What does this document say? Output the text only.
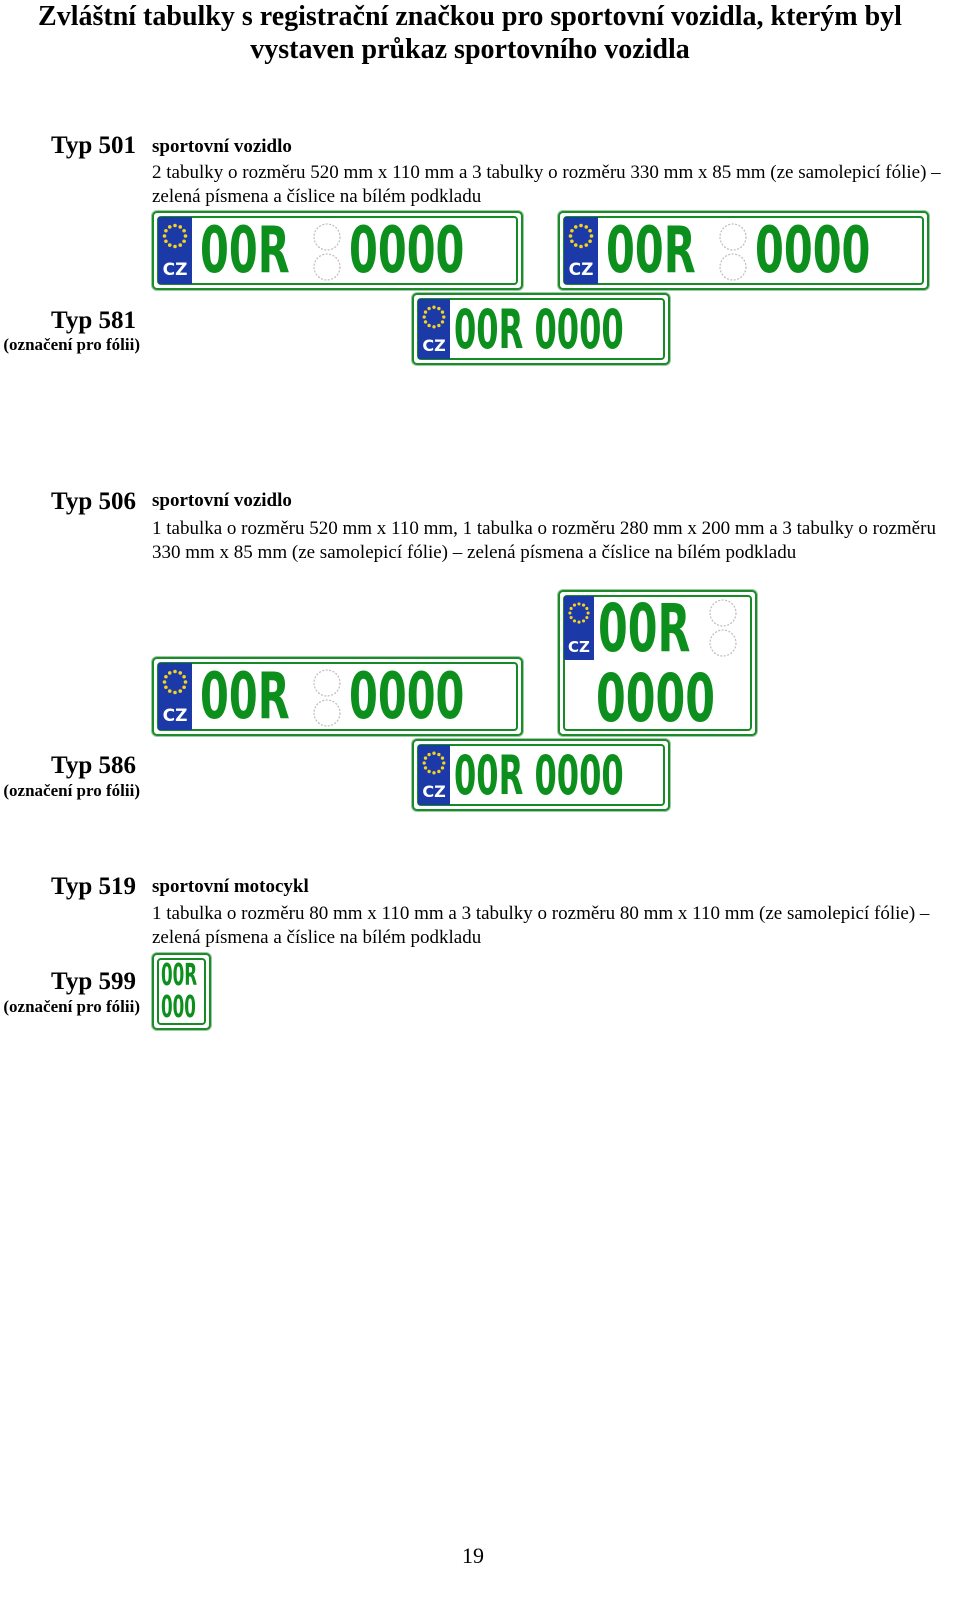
Zvláštní tabulky s registrační značkou pro sportovní vozidla, kterým byl vystaven průkaz sportovního vozidla
Typ 501 sportovní vozidlo
2 tabulky o rozměru 520 mm x 110 mm a 3 tabulky o rozměru 330 mm x 85 mm (ze samolepicí fólie) – zelená písmena a číslice na bílém podkladu
Typ 581
(označení pro fólii)
CZ 00R 0000	CZ 00R 0000
CZ 00R 0000
Typ 506 sportovní vozidlo
1 tabulka o rozměru 520 mm x 110 mm, 1 tabulka o rozměru 280 mm x 200 mm a 3 tabulky o rozměru 330 mm x 85 mm (ze samolepicí fólie) – zelená písmena a číslice na bílém podkladu
Typ 586
(označení pro fólii)
CZ 00R 0000
CZ 00R
0000
CZ 00R 0000
Typ 519 sportovní motocykl
1 tabulka o rozměru 80 mm x 110 mm a 3 tabulky o rozměru 80 mm x 110 mm (ze samolepicí fólie) – zelená písmena a číslice na bílém podkladu
Typ 599
(označení pro fólii)
00R
000
19
